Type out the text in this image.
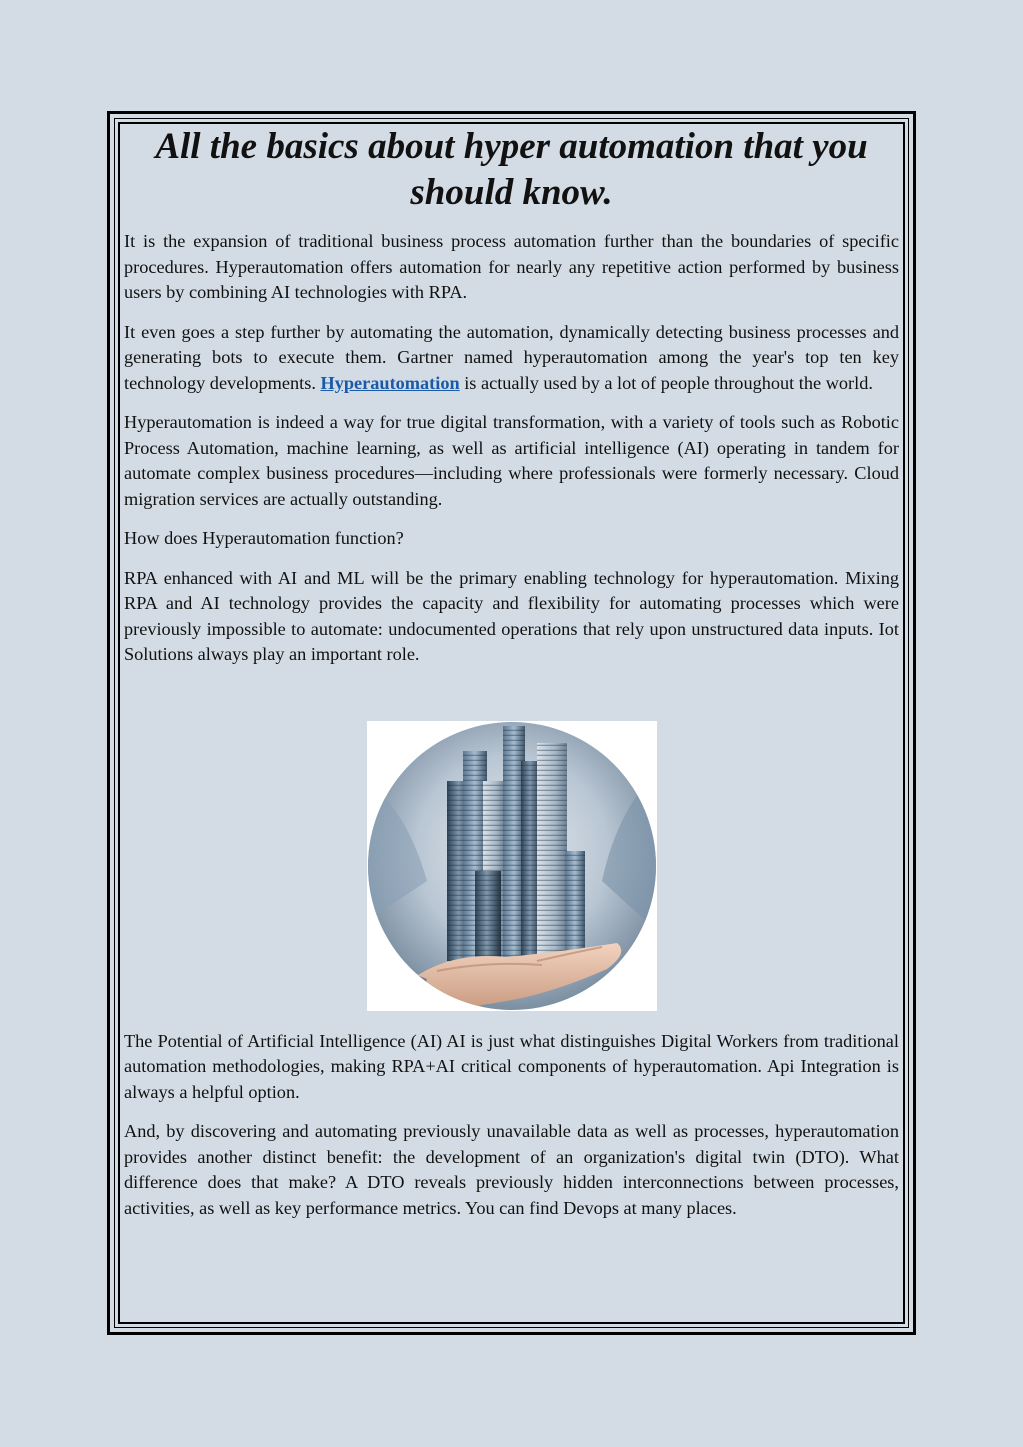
All the basics about hyper automation that you should know.

It is the expansion of traditional business process automation further than the boundaries of specific procedures. Hyperautomation offers automation for nearly any repetitive action performed by business users by combining AI technologies with RPA.

It even goes a step further by automating the automation, dynamically detecting business processes and generating bots to execute them. Gartner named hyperautomation among the year's top ten key technology developments. Hyperautomation is actually used by a lot of people throughout the world.

Hyperautomation is indeed a way for true digital transformation, with a variety of tools such as Robotic Process Automation, machine learning, as well as artificial intelligence (AI) operating in tandem for automate complex business procedures—including where professionals were formerly necessary. Cloud migration services are actually outstanding.

How does Hyperautomation function?

RPA enhanced with AI and ML will be the primary enabling technology for hyperautomation. Mixing RPA and AI technology provides the capacity and flexibility for automating processes which were previously impossible to automate: undocumented operations that rely upon unstructured data inputs. Iot Solutions always play an important role.

The Potential of Artificial Intelligence (AI) AI is just what distinguishes Digital Workers from traditional automation methodologies, making RPA+AI critical components of hyperautomation. Api Integration is always a helpful option.

And, by discovering and automating previously unavailable data as well as processes, hyperautomation provides another distinct benefit: the development of an organization's digital twin (DTO). What difference does that make? A DTO reveals previously hidden interconnections between processes, activities, as well as key performance metrics. You can find Devops at many places.
